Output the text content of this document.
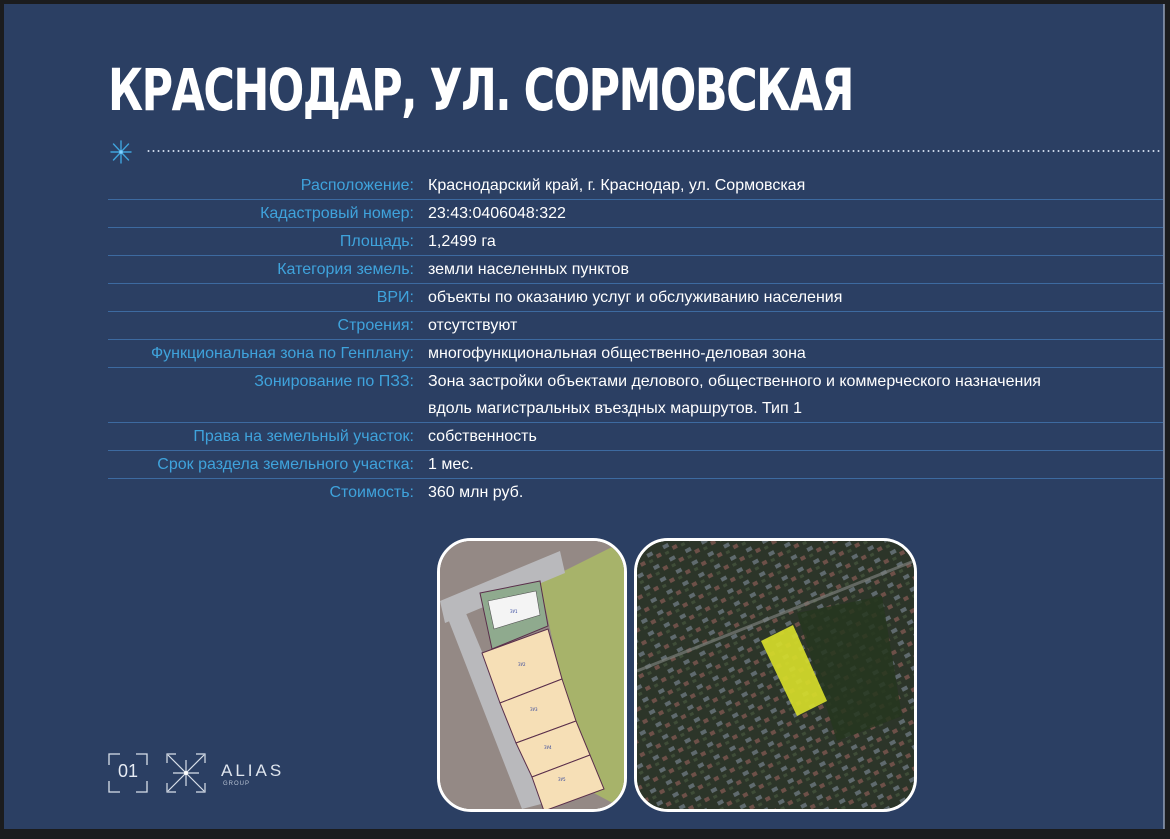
КРАСНОДАР, УЛ. СОРМОВСКАЯ
Расположение: Краснодарский край, г. Краснодар, ул. Сормовская
Кадастровый номер: 23:43:0406048:322
Площадь: 1,2499 га
Категория земель: земли населенных пунктов
ВРИ: объекты по оказанию услуг и обслуживанию населения
Строения: отсутствуют
Функциональная зона по Генплану: многофункциональная общественно-деловая зона
Зонирование по ПЗЗ: Зона застройки объектами делового, общественного и коммерческого назначения вдоль магистральных въездных маршрутов. Тип 1
Права на земельный участок: собственность
Срок раздела земельного участка: 1 мес.
Стоимость: 360 млн руб.
ЗУ1
ЗУ2
ЗУ3
ЗУ4
ЗУ5
01	ALIAS
GROUP
